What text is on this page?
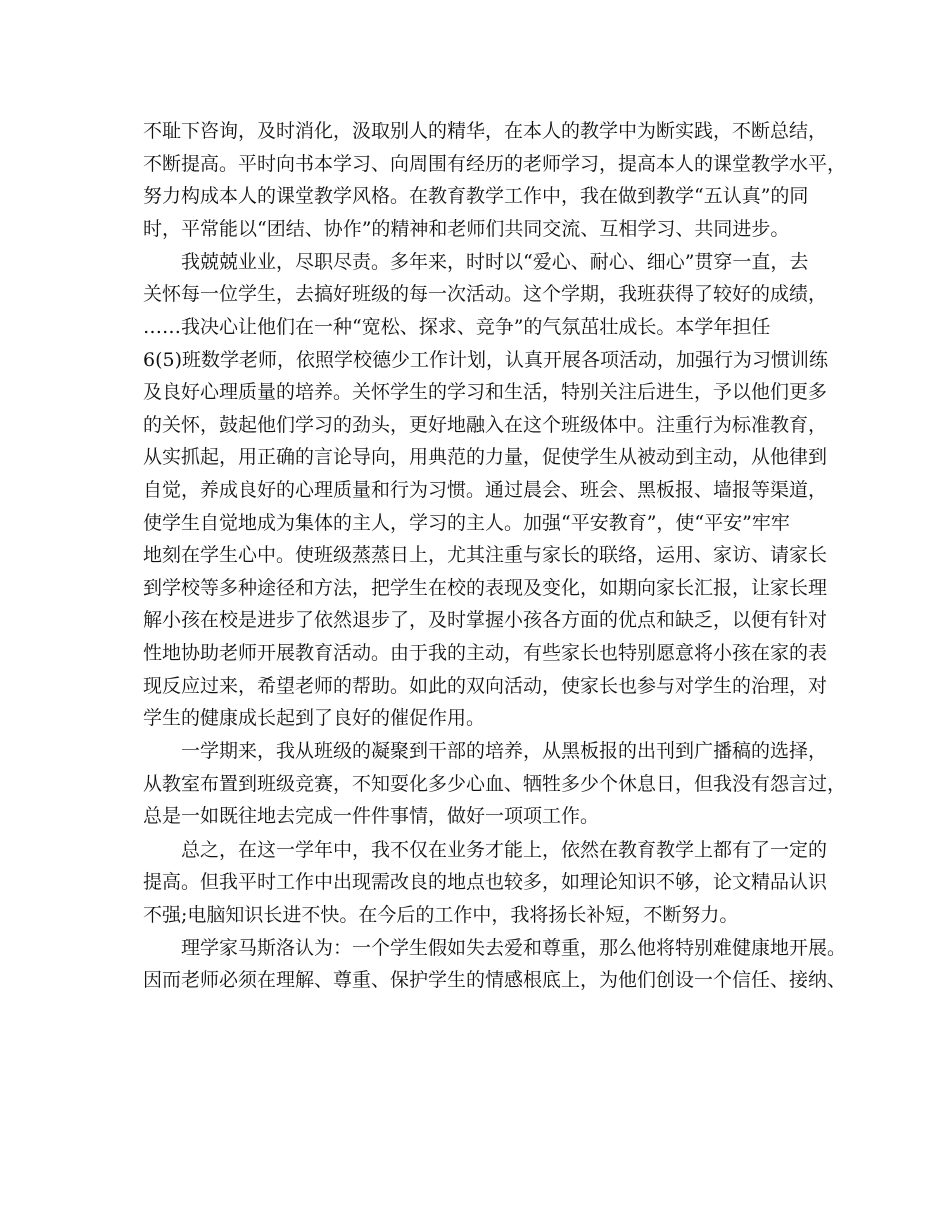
不耻下咨询，及时消化，汲取别人的精华，在本人的教学中为断实践，不断总结，
不断提高。平时向书本学习、向周围有经历的老师学习，提高本人的课堂教学水平，
努力构成本人的课堂教学风格。在教育教学工作中，我在做到教学“五认真”的同
时，平常能以“团结、协作”的精神和老师们共同交流、互相学习、共同进步。
我兢兢业业，尽职尽责。多年来，时时以“爱心、耐心、细心”贯穿一直，去
关怀每一位学生，去搞好班级的每一次活动。这个学期，我班获得了较好的成绩，
……我决心让他们在一种“宽松、探求、竞争”的气氛茁壮成长。本学年担任
6(5)班数学老师，依照学校德少工作计划，认真开展各项活动，加强行为习惯训练
及良好心理质量的培养。关怀学生的学习和生活，特别关注后进生，予以他们更多
的关怀，鼓起他们学习的劲头，更好地融入在这个班级体中。注重行为标准教育，
从实抓起，用正确的言论导向，用典范的力量，促使学生从被动到主动，从他律到
自觉，养成良好的心理质量和行为习惯。通过晨会、班会、黑板报、墙报等渠道，
使学生自觉地成为集体的主人，学习的主人。加强“平安教育”，使“平安”牢牢
地刻在学生心中。使班级蒸蒸日上，尤其注重与家长的联络，运用、家访、请家长
到学校等多种途径和方法，把学生在校的表现及变化，如期向家长汇报，让家长理
解小孩在校是进步了依然退步了，及时掌握小孩各方面的优点和缺乏，以便有针对
性地协助老师开展教育活动。由于我的主动，有些家长也特别愿意将小孩在家的表
现反应过来，希望老师的帮助。如此的双向活动，使家长也参与对学生的治理，对
学生的健康成长起到了良好的催促作用。
一学期来，我从班级的凝聚到干部的培养，从黑板报的出刊到广播稿的选择，
从教室布置到班级竞赛，不知耍化多少心血、牺牲多少个休息日，但我没有怨言过，
总是一如既往地去完成一件件事情，做好一项项工作。
总之，在这一学年中，我不仅在业务才能上，依然在教育教学上都有了一定的
提高。但我平时工作中出现需改良的地点也较多，如理论知识不够，论文精品认识
不强;电脑知识长进不快。在今后的工作中，我将扬长补短，不断努力。
理学家马斯洛认为：一个学生假如失去爱和尊重，那么他将特别难健康地开展。
因而老师必须在理解、尊重、保护学生的情感根底上，为他们创设一个信任、接纳、
